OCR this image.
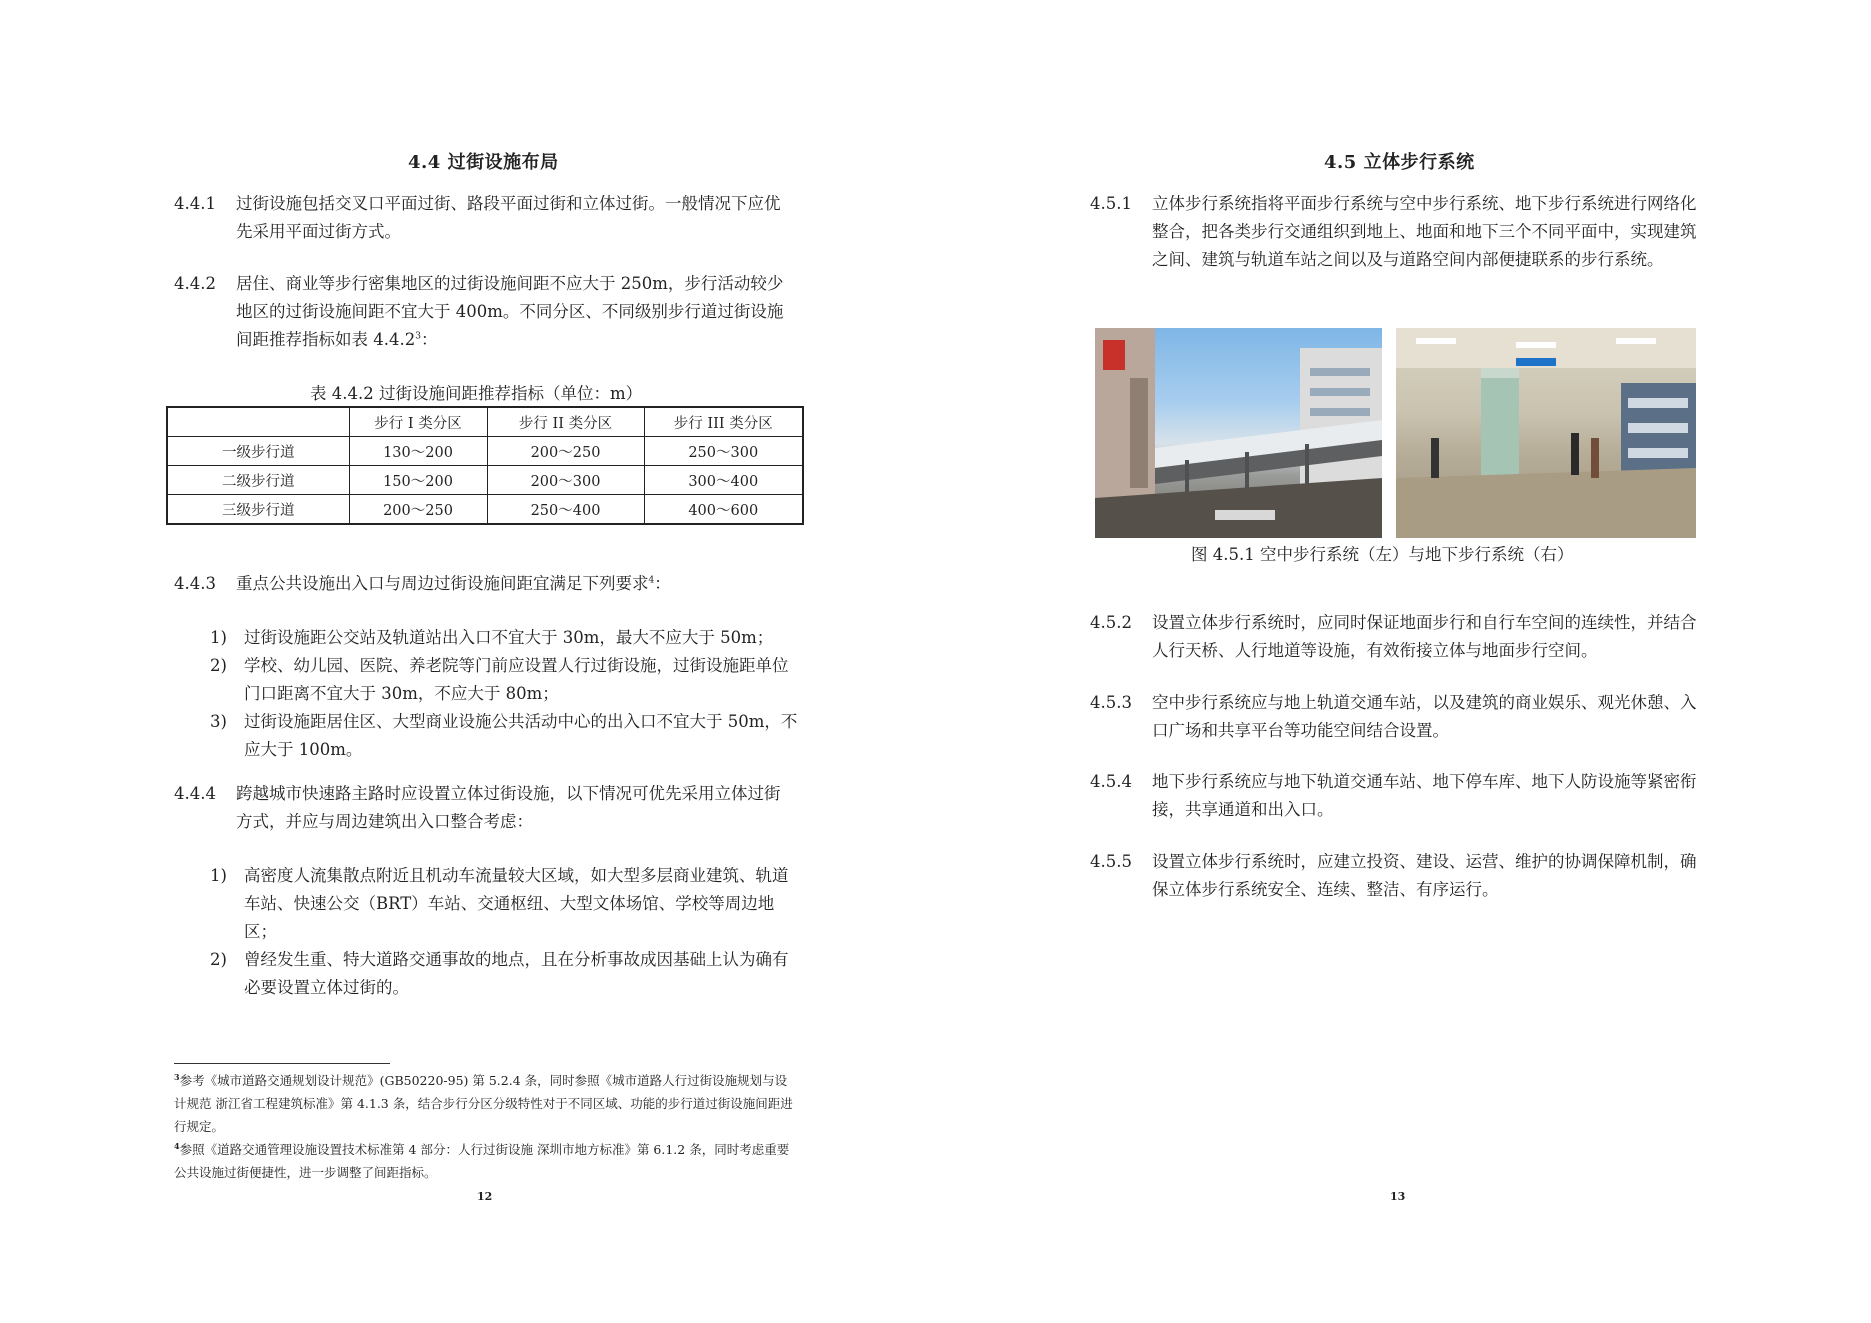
4.4 过街设施布局
4.4.1 过街设施包括交叉口平面过街、路段平面过街和立体过街。一般情况下应优先采用平面过街方式。
4.4.2 居住、商业等步行密集地区的过街设施间距不应大于 250m，步行活动较少地区的过街设施间距不宜大于 400m。不同分区、不同级别步行道过街设施间距推荐指标如表 4.4.2$^3$：
表 4.4.2 过街设施间距推荐指标（单位：m）
	步行 I 类分区	步行 II 类分区	步行 III 类分区
一级步行道	130～200	200～250	250～300
二级步行道	150～200	200～300	300～400
三级步行道	200～250	250～400	400～600
4.4.3 重点公共设施出入口与周边过街设施间距宜满足下列要求$^4$：
1) 过街设施距公交站及轨道站出入口不宜大于 30m，最大不应大于 50m；
2) 学校、幼儿园、医院、养老院等门前应设置人行过街设施，过街设施距单位门口距离不宜大于 30m，不应大于 80m；
3) 过街设施距居住区、大型商业设施公共活动中心的出入口不宜大于 50m，不应大于 100m。
4.4.4 跨越城市快速路主路时应设置立体过街设施，以下情况可优先采用立体过街方式，并应与周边建筑出入口整合考虑：
1) 高密度人流集散点附近且机动车流量较大区域，如大型多层商业建筑、轨道车站、快速公交（BRT）车站、交通枢纽、大型文体场馆、学校等周边地区；
2) 曾经发生重、特大道路交通事故的地点，且在分析事故成因基础上认为确有必要设置立体过街的。
$^3$参考《城市道路交通规划设计规范》(GB50220-95) 第 5.2.4 条，同时参照《城市道路人行过街设施规划与设计规范 浙江省工程建筑标准》第 4.1.3 条，结合步行分区分级特性对于不同区域、功能的步行道过街设施间距进行规定。
$^4$参照《道路交通管理设施设置技术标准第 4 部分：人行过街设施 深圳市地方标准》第 6.1.2 条，同时考虑重要公共设施过街便捷性，进一步调整了间距指标。
12
4.5 立体步行系统
4.5.1 立体步行系统指将平面步行系统与空中步行系统、地下步行系统进行网络化整合，把各类步行交通组织到地上、地面和地下三个不同平面中，实现建筑之间、建筑与轨道车站之间以及与道路空间内部便捷联系的步行系统。
图 4.5.1 空中步行系统（左）与地下步行系统（右）
4.5.2 设置立体步行系统时，应同时保证地面步行和自行车空间的连续性，并结合人行天桥、人行地道等设施，有效衔接立体与地面步行空间。
4.5.3 空中步行系统应与地上轨道交通车站，以及建筑的商业娱乐、观光休憩、入口广场和共享平台等功能空间结合设置。
4.5.4 地下步行系统应与地下轨道交通车站、地下停车库、地下人防设施等紧密衔接，共享通道和出入口。
4.5.5 设置立体步行系统时，应建立投资、建设、运营、维护的协调保障机制，确保立体步行系统安全、连续、整洁、有序运行。
13
